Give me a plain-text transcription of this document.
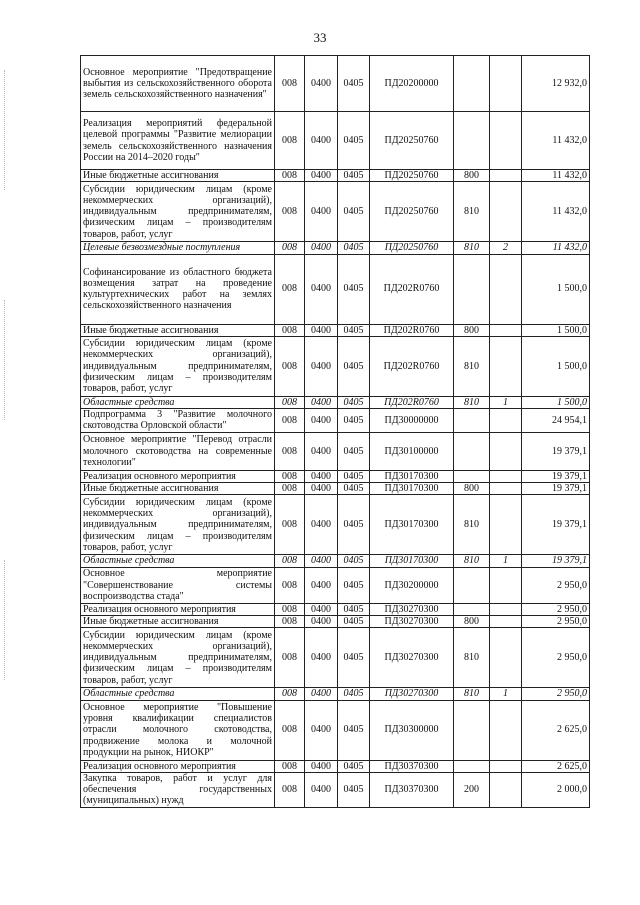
33
Основное мероприятие "Предотвращение выбытия из сельскохозяйственного оборота земель сельскохозяйственного назначения"	008	0400	0405	ПД20200000			12 932,0
Реализация мероприятий федеральной целевой программы "Развитие мелиорации земель сельскохозяйственного назначения России на 2014–2020 годы"	008	0400	0405	ПД20250760			11 432,0
Иные бюджетные ассигнования	008	0400	0405	ПД20250760	800		11 432,0
Субсидии юридическим лицам (кроме некоммерческих организаций), индивидуальным предпринимателям, физическим лицам – производителям товаров, работ, услуг	008	0400	0405	ПД20250760	810		11 432,0
Целевые безвозмездные поступления	008	0400	0405	ПД20250760	810	2	11 432,0
Софинансирование из областного бюджета возмещения затрат на проведение культуртехнических работ на землях сельскохозяйственного назначения	008	0400	0405	ПД202R0760			1 500,0
Иные бюджетные ассигнования	008	0400	0405	ПД202R0760	800		1 500,0
Субсидии юридическим лицам (кроме некоммерческих организаций), индивидуальным предпринимателям, физическим лицам – производителям товаров, работ, услуг	008	0400	0405	ПД202R0760	810		1 500,0
Областные средства	008	0400	0405	ПД202R0760	810	1	1 500,0
Подпрограмма 3 "Развитие молочного скотоводства Орловской области"	008	0400	0405	ПД30000000			24 954,1
Основное мероприятие "Перевод отрасли молочного скотоводства на современные технологии"	008	0400	0405	ПД30100000			19 379,1
Реализация основного мероприятия	008	0400	0405	ПД30170300			19 379,1
Иные бюджетные ассигнования	008	0400	0405	ПД30170300	800		19 379,1
Субсидии юридическим лицам (кроме некоммерческих организаций), индивидуальным предпринимателям, физическим лицам – производителям товаров, работ, услуг	008	0400	0405	ПД30170300	810		19 379,1
Областные средства	008	0400	0405	ПД30170300	810	1	19 379,1
Основное мероприятие "Совершенствование системы воспроизводства стада"	008	0400	0405	ПД30200000			2 950,0
Реализация основного мероприятия	008	0400	0405	ПД30270300			2 950,0
Иные бюджетные ассигнования	008	0400	0405	ПД30270300	800		2 950,0
Субсидии юридическим лицам (кроме некоммерческих организаций), индивидуальным предпринимателям, физическим лицам – производителям товаров, работ, услуг	008	0400	0405	ПД30270300	810		2 950,0
Областные средства	008	0400	0405	ПД30270300	810	1	2 950,0
Основное мероприятие "Повышение уровня квалификации специалистов отрасли молочного скотоводства, продвижение молока и молочной продукции на рынок, НИОКР"	008	0400	0405	ПД30300000			2 625,0
Реализация основного мероприятия	008	0400	0405	ПД30370300			2 625,0
Закупка товаров, работ и услуг для обеспечения государственных (муниципальных) нужд	008	0400	0405	ПД30370300	200		2 000,0
